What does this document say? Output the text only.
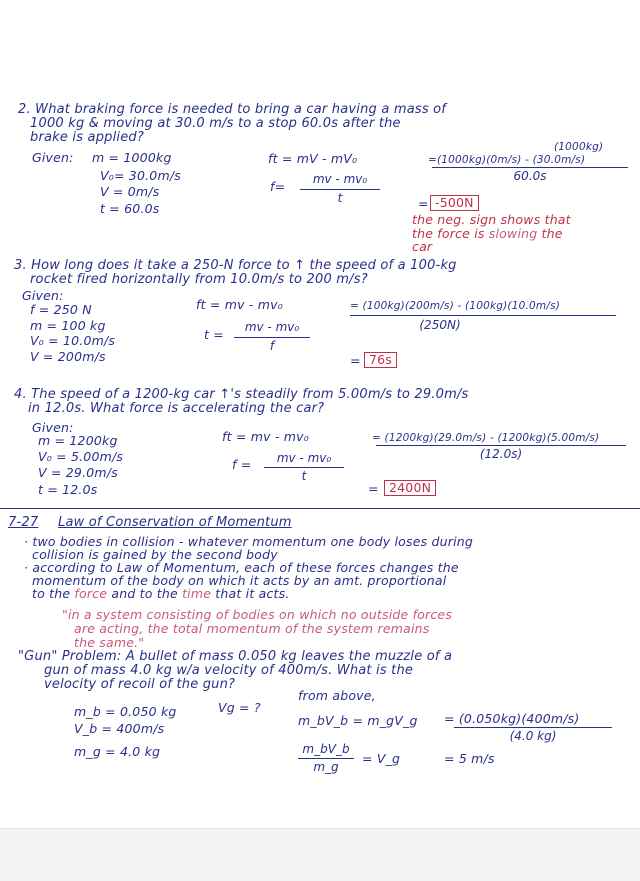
2. What braking force is needed to bring a car having a mass of
1000 kg & moving at 30.0 m/s to a stop 60.0s after the
brake is applied?
Given: m = 1000kg
V₀= 30.0m/s
V = 0m/s
t = 60.0s
ft = mV - mV₀
f=	mv - mv₀
t
(1000kg)
=(1000kg)(0m/s) - (30.0m/s)
60.0s
= -500N
the neg. sign shows that
the force is slowing the
car
3. How long does it take a 250-N force to ↑ the speed of a 100-kg
rocket fired horizontally from 10.0m/s to 200 m/s?
Given:
f = 250 N
m = 100 kg
V₀ = 10.0m/s
V = 200m/s
ft = mv - mv₀
t =	mv - mv₀
f
= (100kg)(200m/s) - (100kg)(10.0m/s)
(250N)
= 76s
4. The speed of a 1200-kg car ↑'s steadily from 5.00m/s to 29.0m/s
in 12.0s. What force is accelerating the car?
Given:
m = 1200kg
V₀ = 5.00m/s
V = 29.0m/s
t = 12.0s
ft = mv - mv₀
f =	mv - mv₀
t
= (1200kg)(29.0m/s) - (1200kg)(5.00m/s)
(12.0s)
= 2400N
7-27 Law of Conservation of Momentum
· two bodies in collision - whatever momentum one body loses during
collision is gained by the second body
· according to Law of Momentum, each of these forces changes the
momentum of the body on which it acts by an amt. proportional
to the force and to the time that it acts.
"in a system consisting of bodies on which no outside forces
are acting, the total momentum of the system remains
the same."
"Gun" Problem: A bullet of mass 0.050 kg leaves the muzzle of a
gun of mass 4.0 kg w/a velocity of 400m/s. What is the
velocity of recoil of the gun?
from above,
m_b = 0.050 kg	Vg = ?
V_b = 400m/s
m_g = 4.0 kg
m_bV_b = m_gV_g
m_bV_b
m_g
= V_g
= (0.050kg)(400m/s)
(4.0 kg)
= 5 m/s
